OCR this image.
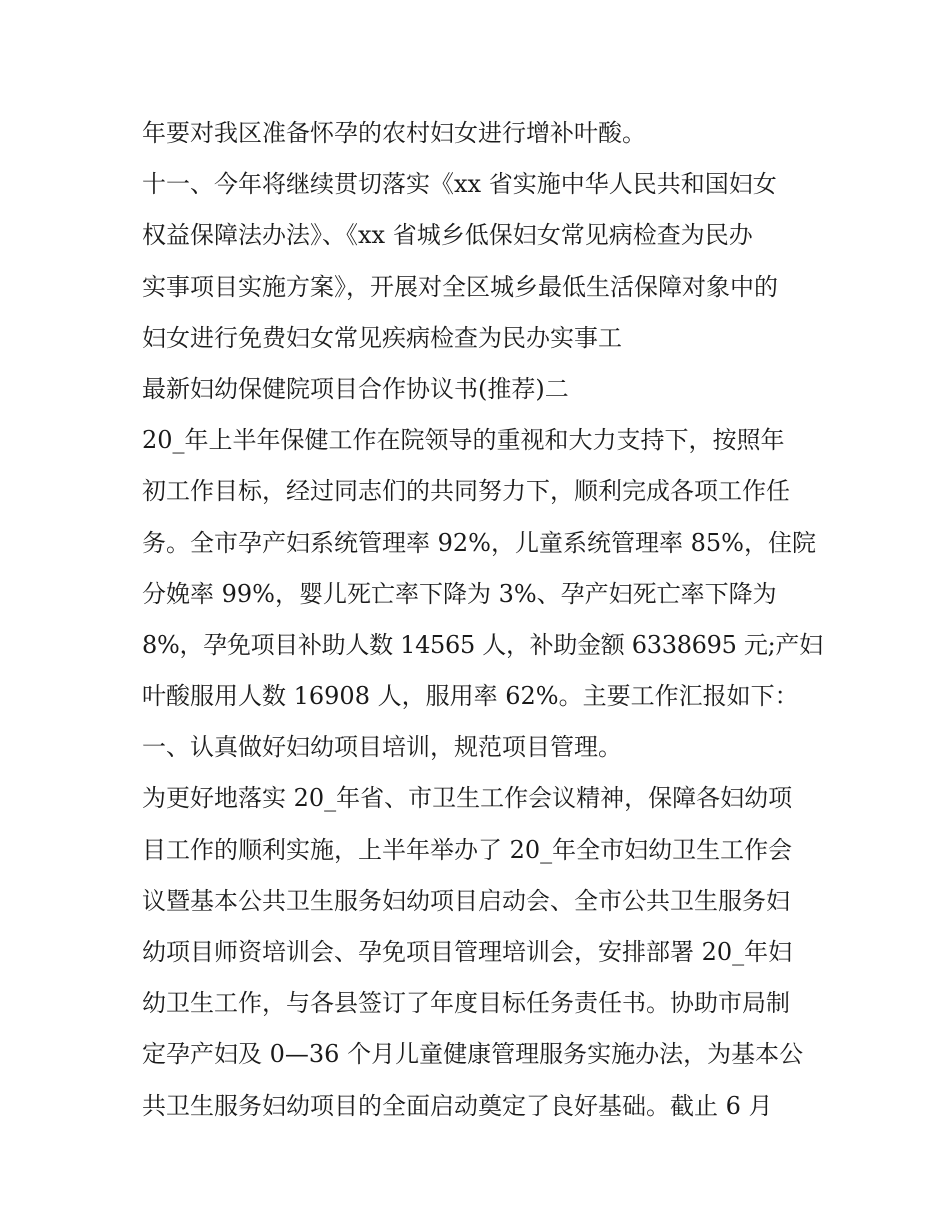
年要对我区准备怀孕的农村妇女进行增补叶酸。
十一、今年将继续贯切落实《xx 省实施中华人民共和国妇女
权益保障法办法》、《xx 省城乡低保妇女常见病检查为民办
实事项目实施方案》，开展对全区城乡最低生活保障对象中的
妇女进行免费妇女常见疾病检查为民办实事工
最新妇幼保健院项目合作协议书(推荐)二
20_年上半年保健工作在院领导的重视和大力支持下，按照年
初工作目标，经过同志们的共同努力下，顺利完成各项工作任
务。全市孕产妇系统管理率 92%，儿童系统管理率 85%，住院
分娩率 99%，婴儿死亡率下降为 3%、孕产妇死亡率下降为
8%，孕免项目补助人数 14565 人，补助金额 6338695 元;产妇
叶酸服用人数 16908 人，服用率 62%。主要工作汇报如下：
一、认真做好妇幼项目培训，规范项目管理。
为更好地落实 20_年省、市卫生工作会议精神，保障各妇幼项
目工作的顺利实施，上半年举办了 20_年全市妇幼卫生工作会
议暨基本公共卫生服务妇幼项目启动会、全市公共卫生服务妇
幼项目师资培训会、孕免项目管理培训会，安排部署 20_年妇
幼卫生工作，与各县签订了年度目标任务责任书。协助市局制
定孕产妇及 0—36 个月儿童健康管理服务实施办法，为基本公
共卫生服务妇幼项目的全面启动奠定了良好基础。截止 6 月
